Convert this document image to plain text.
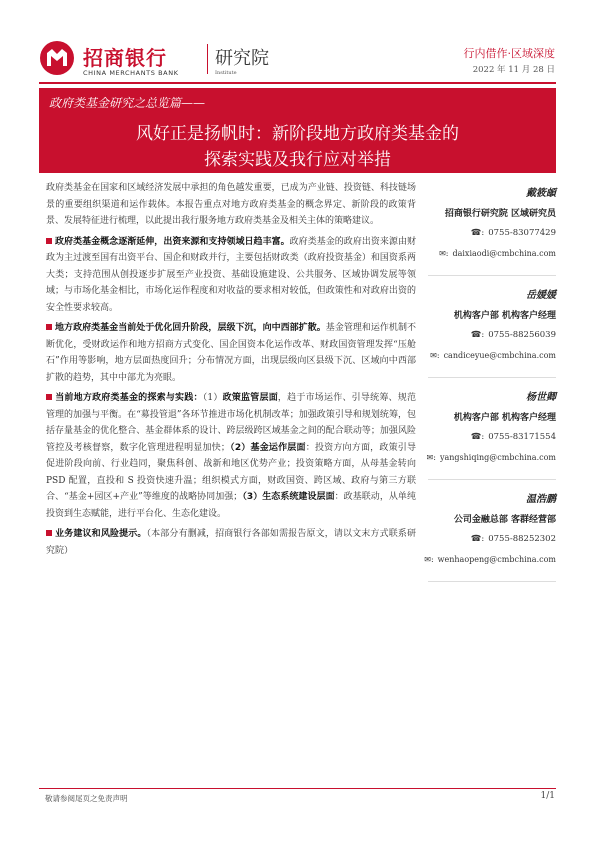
招商银行	研究院
CHINA MERCHANTS BANK	Institute
行内借作·区域深度
2022 年 11 月 28 日
政府类基金研究之总览篇——
风好正是扬帆时：新阶段地方政府类基金的
探索实践及我行应对举措

政府类基金在国家和区域经济发展中承担的角色越发重要，已成为产业链、投资链、科技链场景的重要组织渠道和运作载体。本报告重点对地方政府类基金的概念界定、新阶段的政策背景、发展特征进行梳理，以此提出我行服务地方政府类基金及相关主体的策略建议。

政府类基金概念逐渐延伸，出资来源和支持领域日趋丰富。政府类基金的政府出资来源由财政为主过渡至国有出资平台、国企和财政并行，主要包括财政类（政府投资基金）和国资系两大类；支持范围从创投逐步扩展至产业投资、基础设施建设、公共服务、区域协调发展等领域；与市场化基金相比，市场化运作程度和对收益的要求相对较低，但政策性和对政府出资的安全性要求较高。

地方政府类基金当前处于优化回升阶段，层级下沉，向中西部扩散。基金管理和运作机制不断优化，受财政运作和地方招商方式变化、国企国资本化运作改革、财政国资管理发挥“压舱石”作用等影响，地方层面热度回升；分布情况方面，出现层级向区县级下沉、区域向中西部扩散的趋势，其中中部尤为亮眼。

当前地方政府类基金的探索与实践：（1）政策监管层面，趋于市场运作、引导统筹、规范管理的加强与平衡。在“募投管退”各环节推进市场化机制改革；加强政策引导和规划统筹，包括存量基金的优化整合、基金群体系的设计、跨层级跨区域基金之间的配合联动等；加强风险管控及考核督察，数字化管理进程明显加快；（2）基金运作层面：投资方向方面，政策引导促进阶段向前、行业趋同，聚焦科创、战新和地区优势产业；投资策略方面，从母基金转向 PSD 配置，直投和 S 投资快速升温；组织模式方面，财政国资、跨区域、政府与第三方联合、“基金+园区+产业”等维度的战略协同加强；（3）生态系统建设层面：政基联动，从单纯投资到生态赋能，进行平台化、生态化建设。

业务建议和风险提示。（本部分有删减，招商银行各部如需报告原文，请以文末方式联系研究院）

戴筱頔
招商银行研究院 区域研究员
☎: 0755-83077429
✉: daixiaodi@cmbchina.com
岳媛媛
机构客户部 机构客户经理
☎: 0755-88256039
✉: candiceyue@cmbchina.com
杨世卿
机构客户部 机构客户经理
☎: 0755-83171554
✉: yangshiqing@cmbchina.com
温浩鹏
公司金融总部 客群经营部
☎: 0755-88252302
✉: wenhaopeng@cmbchina.com
敬请参阅尾页之免责声明	1/1
